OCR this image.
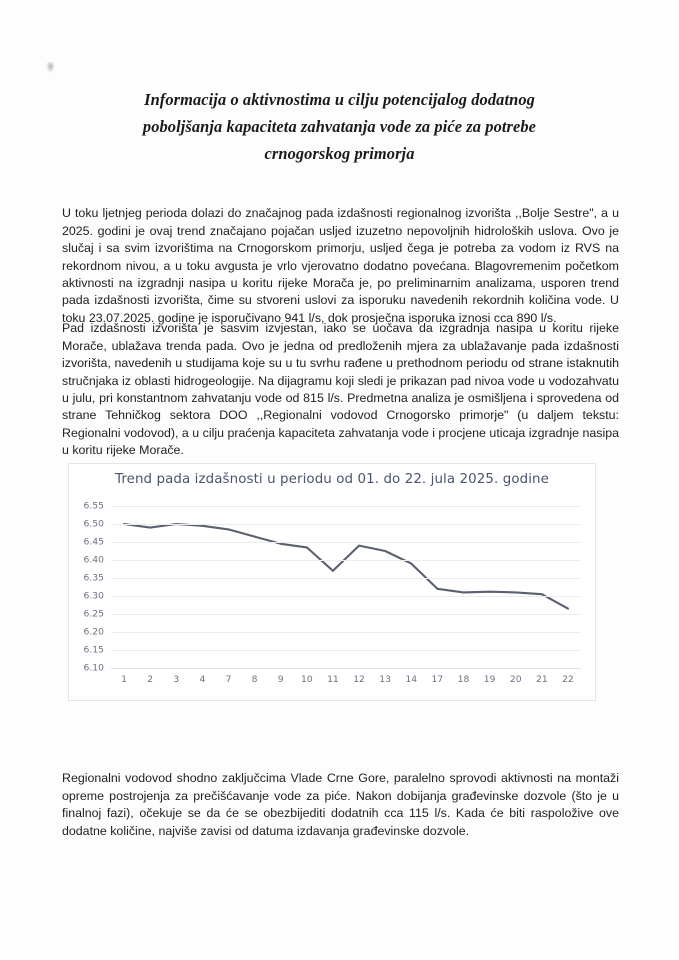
Informacija o aktivnostima u cilju potencijalog dodatnog
poboljšanja kapaciteta zahvatanja vode za piće za potrebe
crnogorskog primorja

U toku ljetnjeg perioda dolazi do značajnog pada izdašnosti regionalnog izvorišta ,,Bolje Sestre", a u 2025. godini je ovaj trend značajano pojačan usljed izuzetno nepovoljnih hidroloških uslova. Ovo je slučaj i sa svim izvorištima na Crnogorskom primorju, usljed čega je potreba za vodom iz RVS na rekordnom nivou, a u toku avgusta je vrlo vjerovatno dodatno povećana. Blagovremenim početkom aktivnosti na izgradnji nasipa u koritu rijeke Morača je, po preliminarnim analizama, usporen trend pada izdašnosti izvorišta, čime su stvoreni uslovi za isporuku navedenih rekordnih količina vode. U toku 23.07.2025. godine je isporučivano 941 l/s, dok prosječna isporuka iznosi cca 890 l/s.

Pad izdašnosti izvorišta je sasvim izvjestan, iako se uočava da izgradnja nasipa u koritu rijeke Morače, ublažava trenda pada. Ovo je jedna od predloženih mjera za ublažavanje pada izdašnosti izvorišta, navedenih u studijama koje su u tu svrhu rađene u prethodnom periodu od strane istaknutih stručnjaka iz oblasti hidrogeologije. Na dijagramu koji sledi je prikazan pad nivoa vode u vodozahvatu u julu, pri konstantnom zahvatanju vode od 815 l/s. Predmetna analiza je osmišljena i sprovedena od strane Tehničkog sektora DOO ,,Regionalni vodovod Crnogorsko primorje" (u daljem tekstu: Regionalni vodovod), a u cilju praćenja kapaciteta zahvatanja vode i procjene uticaja izgradnje nasipa u koritu rijeke Morače.

Trend pada izdašnosti u periodu od 01. do 22. jula 2025. godine
6.55
6.50
6.45
6.40
6.35
6.30
6.25
6.20
6.15
6.10
1 2 3 4 7 8 9 10 11 12 13 14 17 18 19 20 21 22

Regionalni vodovod shodno zaključcima Vlade Crne Gore, paralelno sprovodi aktivnosti na montaži opreme postrojenja za prečišćavanje vode za piće. Nakon dobijanja građevinske dozvole (što je u finalnoj fazi), očekuje se da će se obezbijediti dodatnih cca 115 l/s. Kada će biti raspoložive ove dodatne količine, najviše zavisi od datuma izdavanja građevinske dozvole.
